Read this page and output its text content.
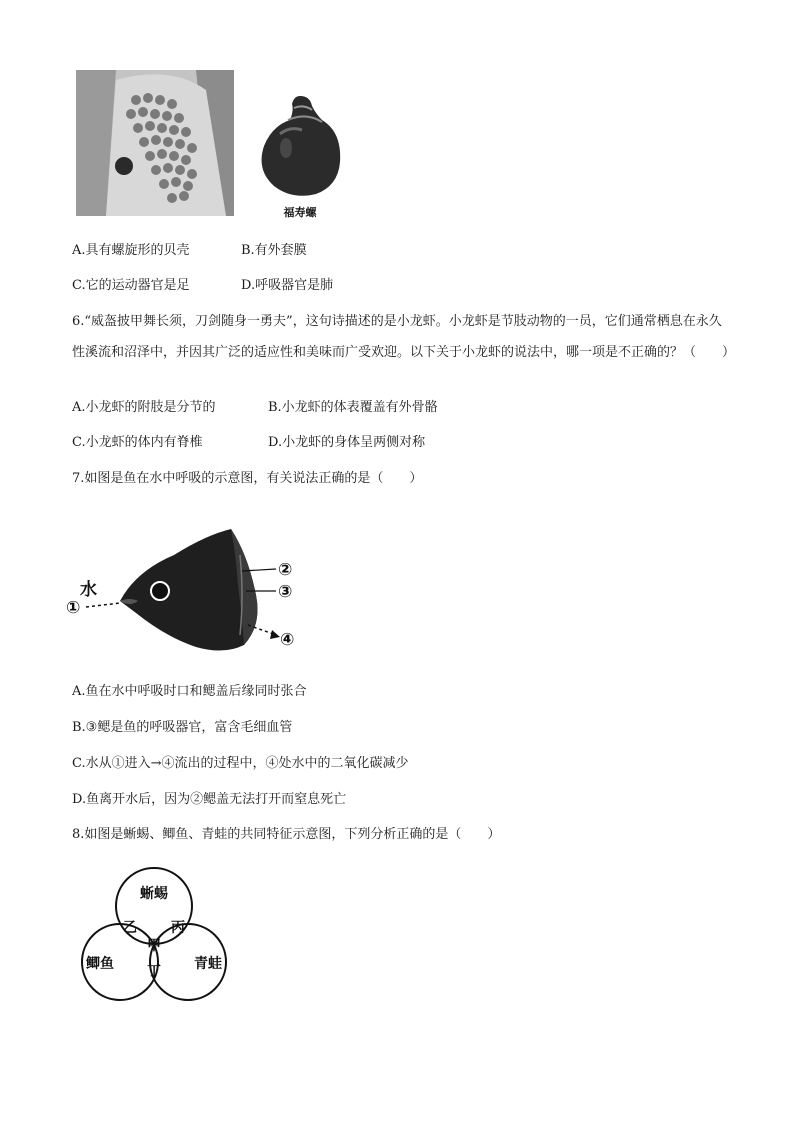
福寿螺
A.具有螺旋形的贝壳	B.有外套膜
C.它的运动器官是足	D.呼吸器官是肺
6.“威盔披甲舞长须，刀剑随身一勇夫”，这句诗描述的是小龙虾。小龙虾是节肢动物的一员，它们通常栖息在永久性溪流和沼泽中，并因其广泛的适应性和美味而广受欢迎。以下关于小龙虾的说法中，哪一项是不正确的？（　　）
A.小龙虾的附肢是分节的	B.小龙虾的体表覆盖有外骨骼
C.小龙虾的体内有脊椎	D.小龙虾的身体呈两侧对称
7.如图是鱼在水中呼吸的示意图，有关说法正确的是（　　）
水
①
②
③
④
A.鱼在水中呼吸时口和鳃盖后缘同时张合
B.③鳃是鱼的呼吸器官，富含毛细血管
C.水从①进入→④流出的过程中，④处水中的二氧化碳减少
D.鱼离开水后，因为②鳃盖无法打开而窒息死亡
8.如图是蜥蜴、鲫鱼、青蛙的共同特征示意图，下列分析正确的是（　　）
蜥蜴
鲫鱼	青蛙
甲
乙 丙
丁
